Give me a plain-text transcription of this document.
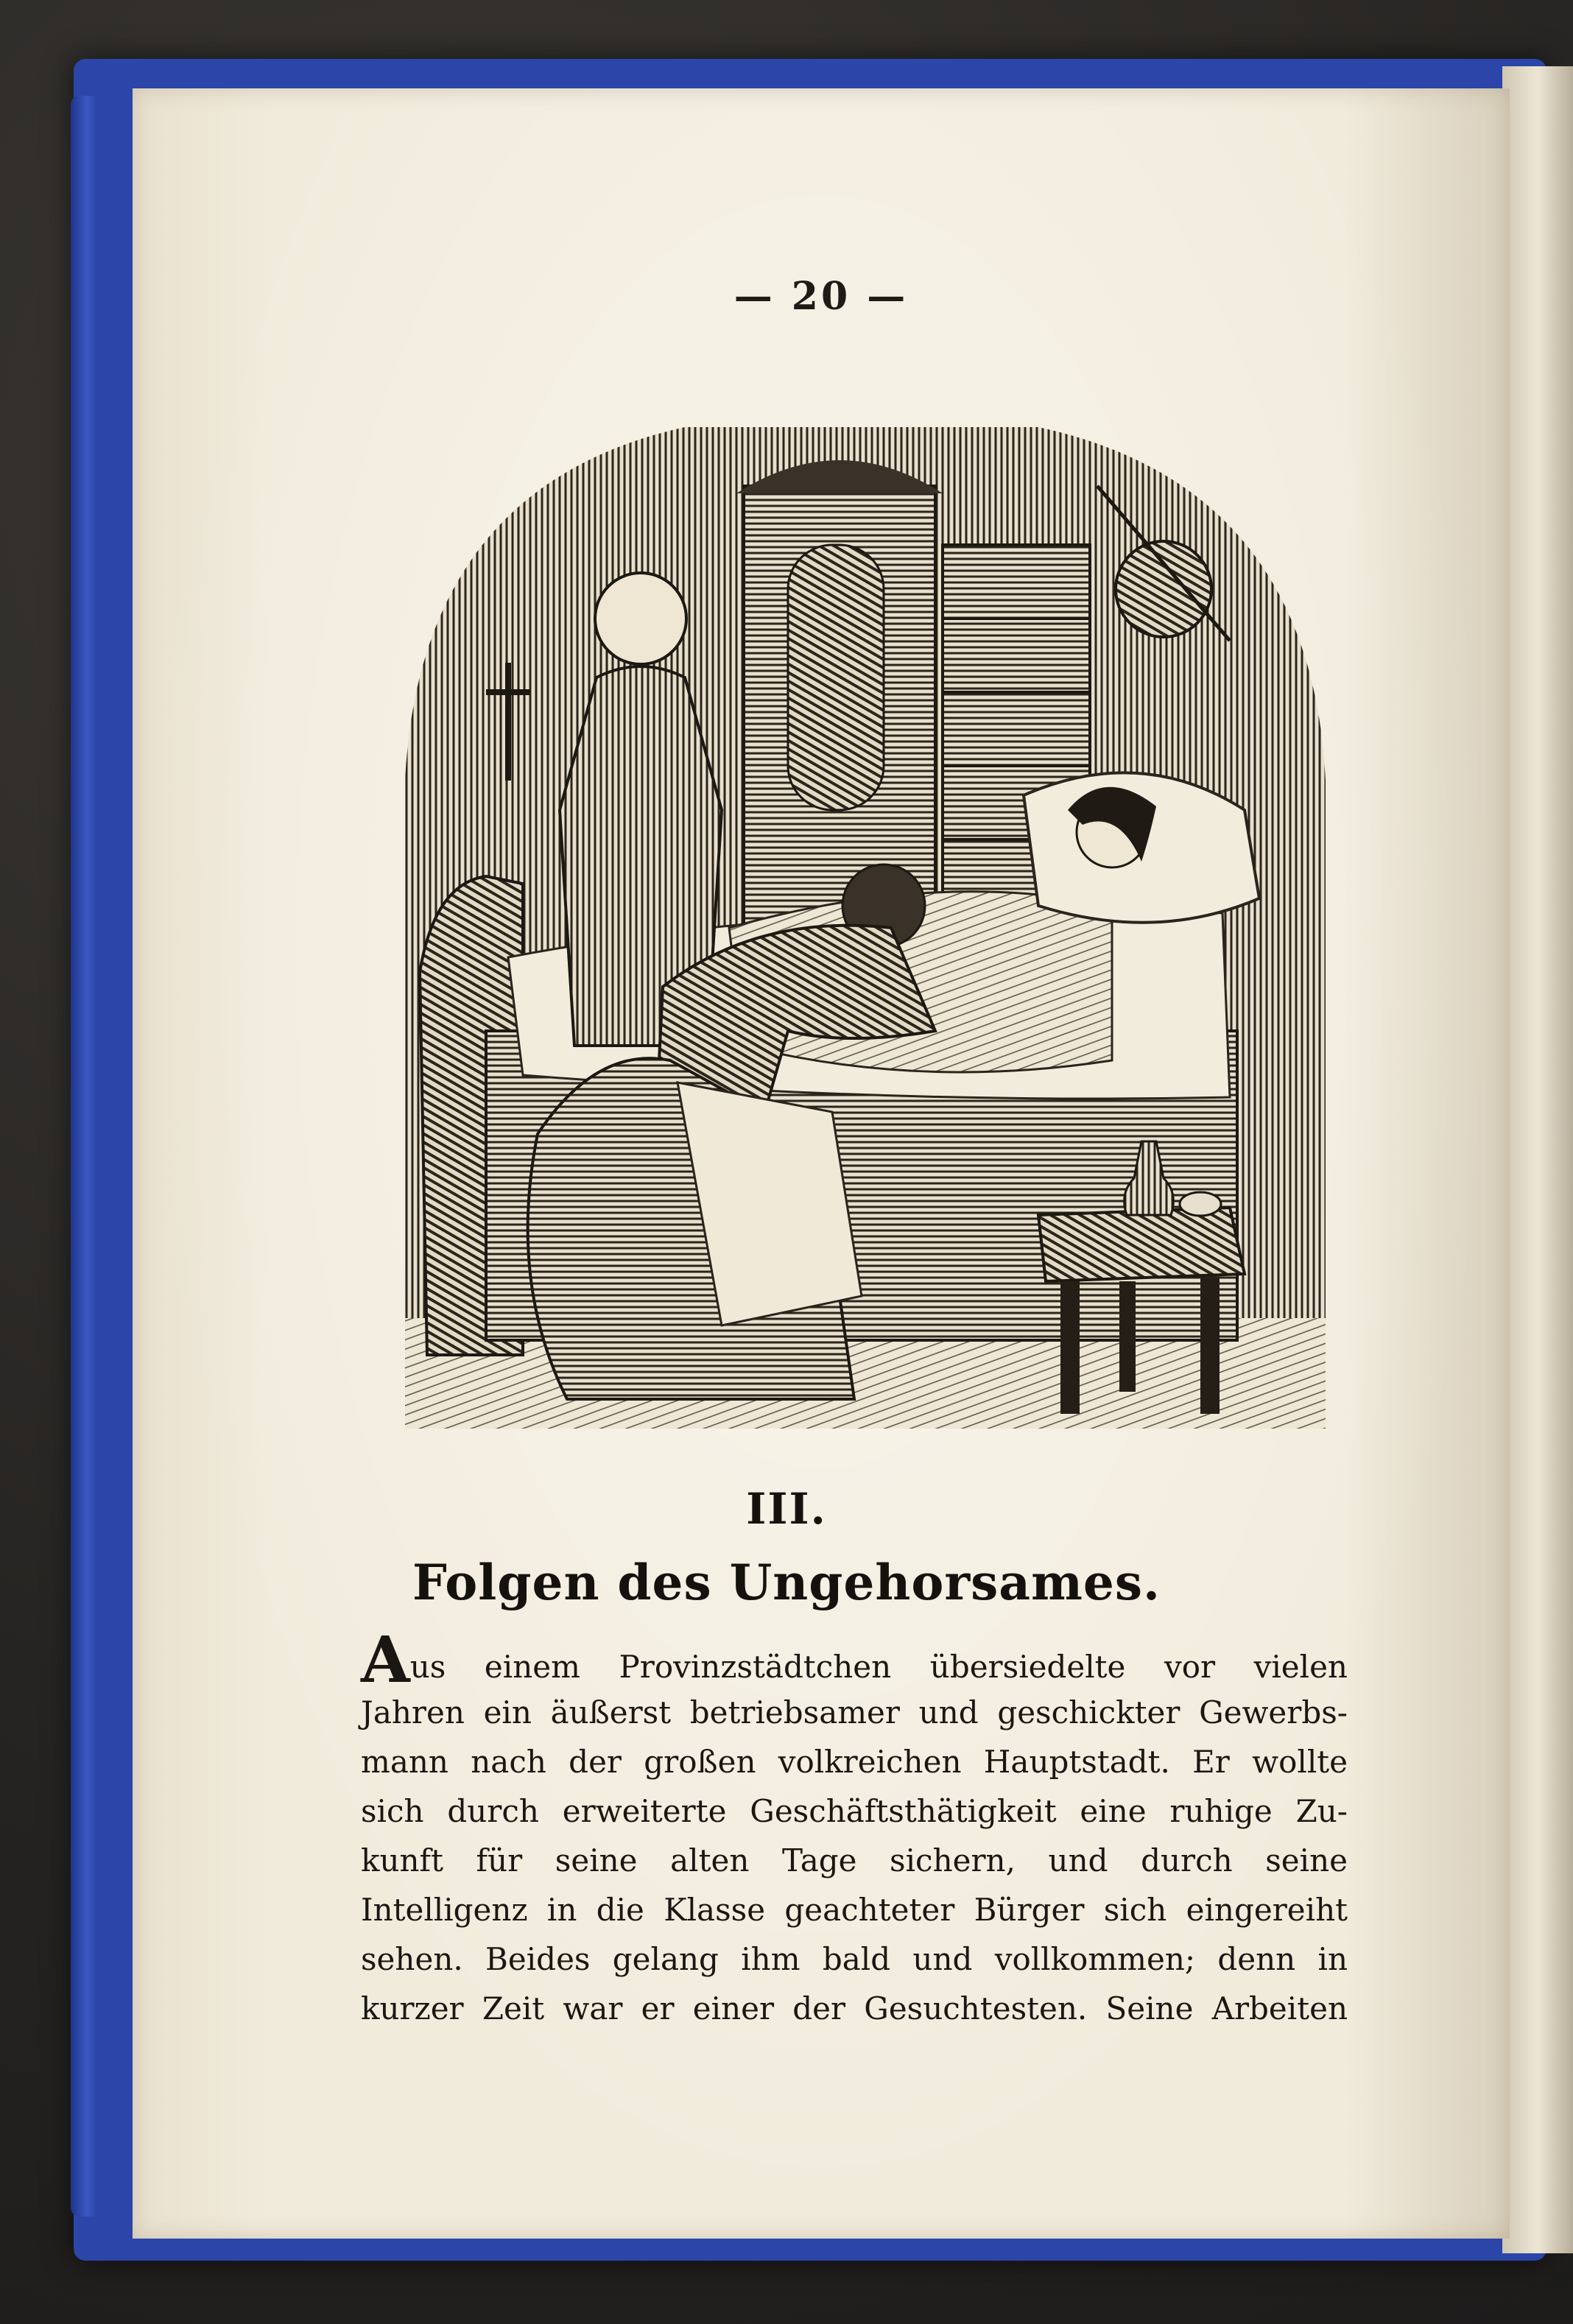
— 20 —
III.
Folgen des Ungehorsames.
Aus einem Provinzstädtchen übersiedelte vor vielen
Jahren ein äußerst betriebsamer und geschickter Gewerbs-
mann nach der großen volkreichen Hauptstadt. Er wollte
sich durch erweiterte Geschäftsthätigkeit eine ruhige Zu-
kunft für seine alten Tage sichern, und durch seine
Intelligenz in die Klasse geachteter Bürger sich eingereiht
sehen. Beides gelang ihm bald und vollkommen; denn in
kurzer Zeit war er einer der Gesuchtesten. Seine Arbeiten
